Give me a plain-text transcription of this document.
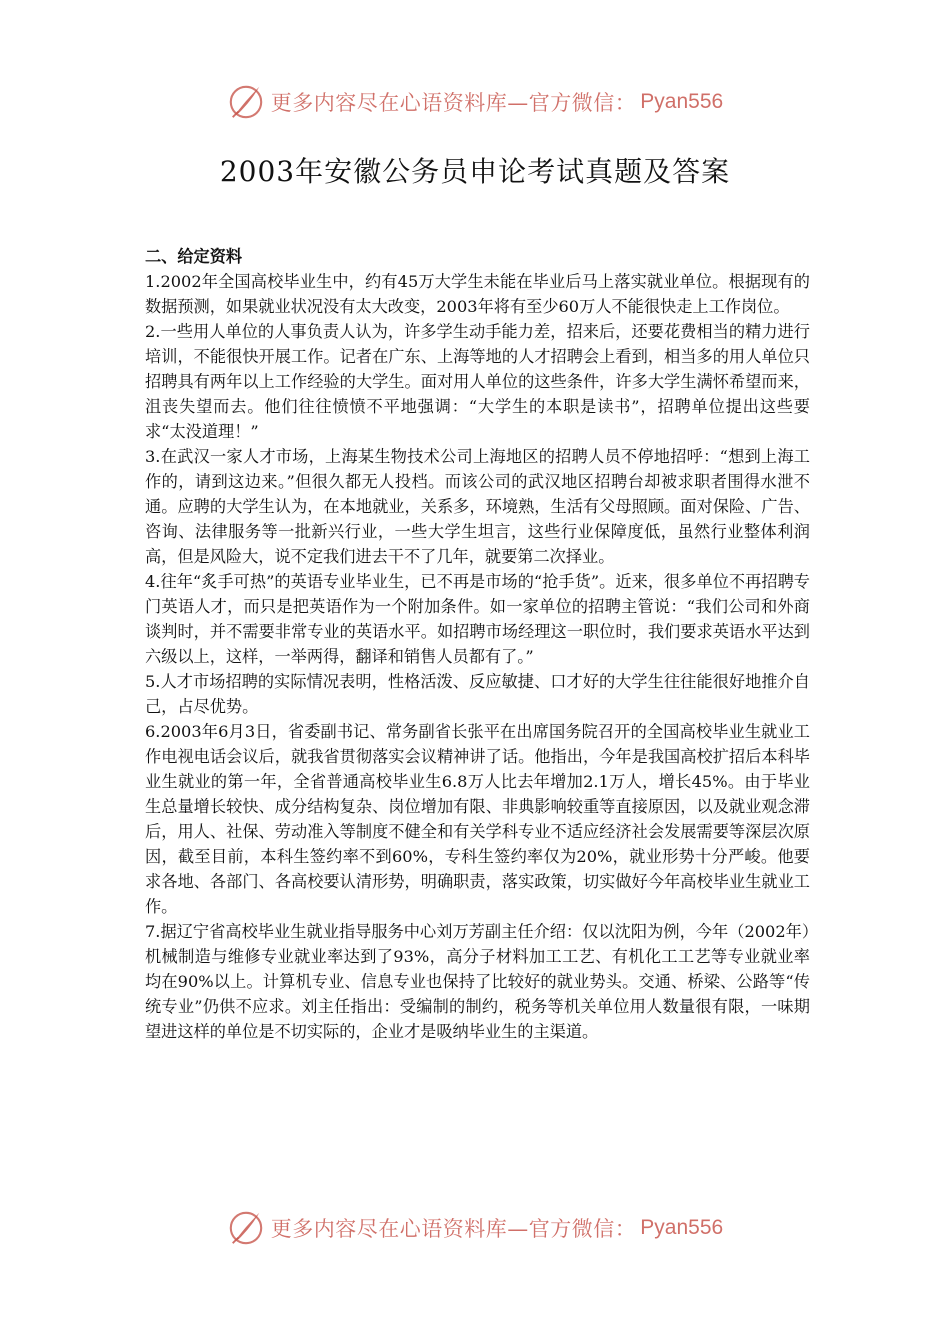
更多内容尽在心语资料库—官方微信： Pyan556
2003年安徽公务员申论考试真题及答案

二、给定资料

1.2002年全国高校毕业生中，约有45万大学生未能在毕业后马上落实就业单位。根据现有的数据预测，如果就业状况没有太大改变，2003年将有至少60万人不能很快走上工作岗位。

2.一些用人单位的人事负责人认为，许多学生动手能力差，招来后，还要花费相当的精力进行培训，不能很快开展工作。记者在广东、上海等地的人才招聘会上看到，相当多的用人单位只招聘具有两年以上工作经验的大学生。面对用人单位的这些条件，许多大学生满怀希望而来，沮丧失望而去。他们往往愤愤不平地强调：“大学生的本职是读书”，招聘单位提出这些要求“太没道理！”

3.在武汉一家人才市场，上海某生物技术公司上海地区的招聘人员不停地招呼：“想到上海工作的，请到这边来。”但很久都无人投档。而该公司的武汉地区招聘台却被求职者围得水泄不通。应聘的大学生认为，在本地就业，关系多，环境熟，生活有父母照顾。面对保险、广告、咨询、法律服务等一批新兴行业，一些大学生坦言，这些行业保障度低，虽然行业整体利润高，但是风险大，说不定我们进去干不了几年，就要第二次择业。

4.往年“炙手可热”的英语专业毕业生，已不再是市场的“抢手货”。近来，很多单位不再招聘专门英语人才，而只是把英语作为一个附加条件。如一家单位的招聘主管说：“我们公司和外商谈判时，并不需要非常专业的英语水平。如招聘市场经理这一职位时，我们要求英语水平达到六级以上，这样，一举两得，翻译和销售人员都有了。”

5.人才市场招聘的实际情况表明，性格活泼、反应敏捷、口才好的大学生往往能很好地推介自己，占尽优势。

6.2003年6月3日，省委副书记、常务副省长张平在出席国务院召开的全国高校毕业生就业工作电视电话会议后，就我省贯彻落实会议精神讲了话。他指出，今年是我国高校扩招后本科毕业生就业的第一年，全省普通高校毕业生6.8万人比去年增加2.1万人，增长45%。由于毕业生总量增长较快、成分结构复杂、岗位增加有限、非典影响较重等直接原因，以及就业观念滞后，用人、社保、劳动准入等制度不健全和有关学科专业不适应经济社会发展需要等深层次原因，截至目前，本科生签约率不到60%，专科生签约率仅为20%，就业形势十分严峻。他要求各地、各部门、各高校要认清形势，明确职责，落实政策，切实做好今年高校毕业生就业工作。

7.据辽宁省高校毕业生就业指导服务中心刘万芳副主任介绍：仅以沈阳为例，今年（2002年）机械制造与维修专业就业率达到了93%，高分子材料加工工艺、有机化工工艺等专业就业率均在90%以上。计算机专业、信息专业也保持了比较好的就业势头。交通、桥梁、公路等“传统专业”仍供不应求。刘主任指出：受编制的制约，税务等机关单位用人数量很有限，一味期望进这样的单位是不切实际的，企业才是吸纳毕业生的主渠道。

更多内容尽在心语资料库—官方微信： Pyan556
